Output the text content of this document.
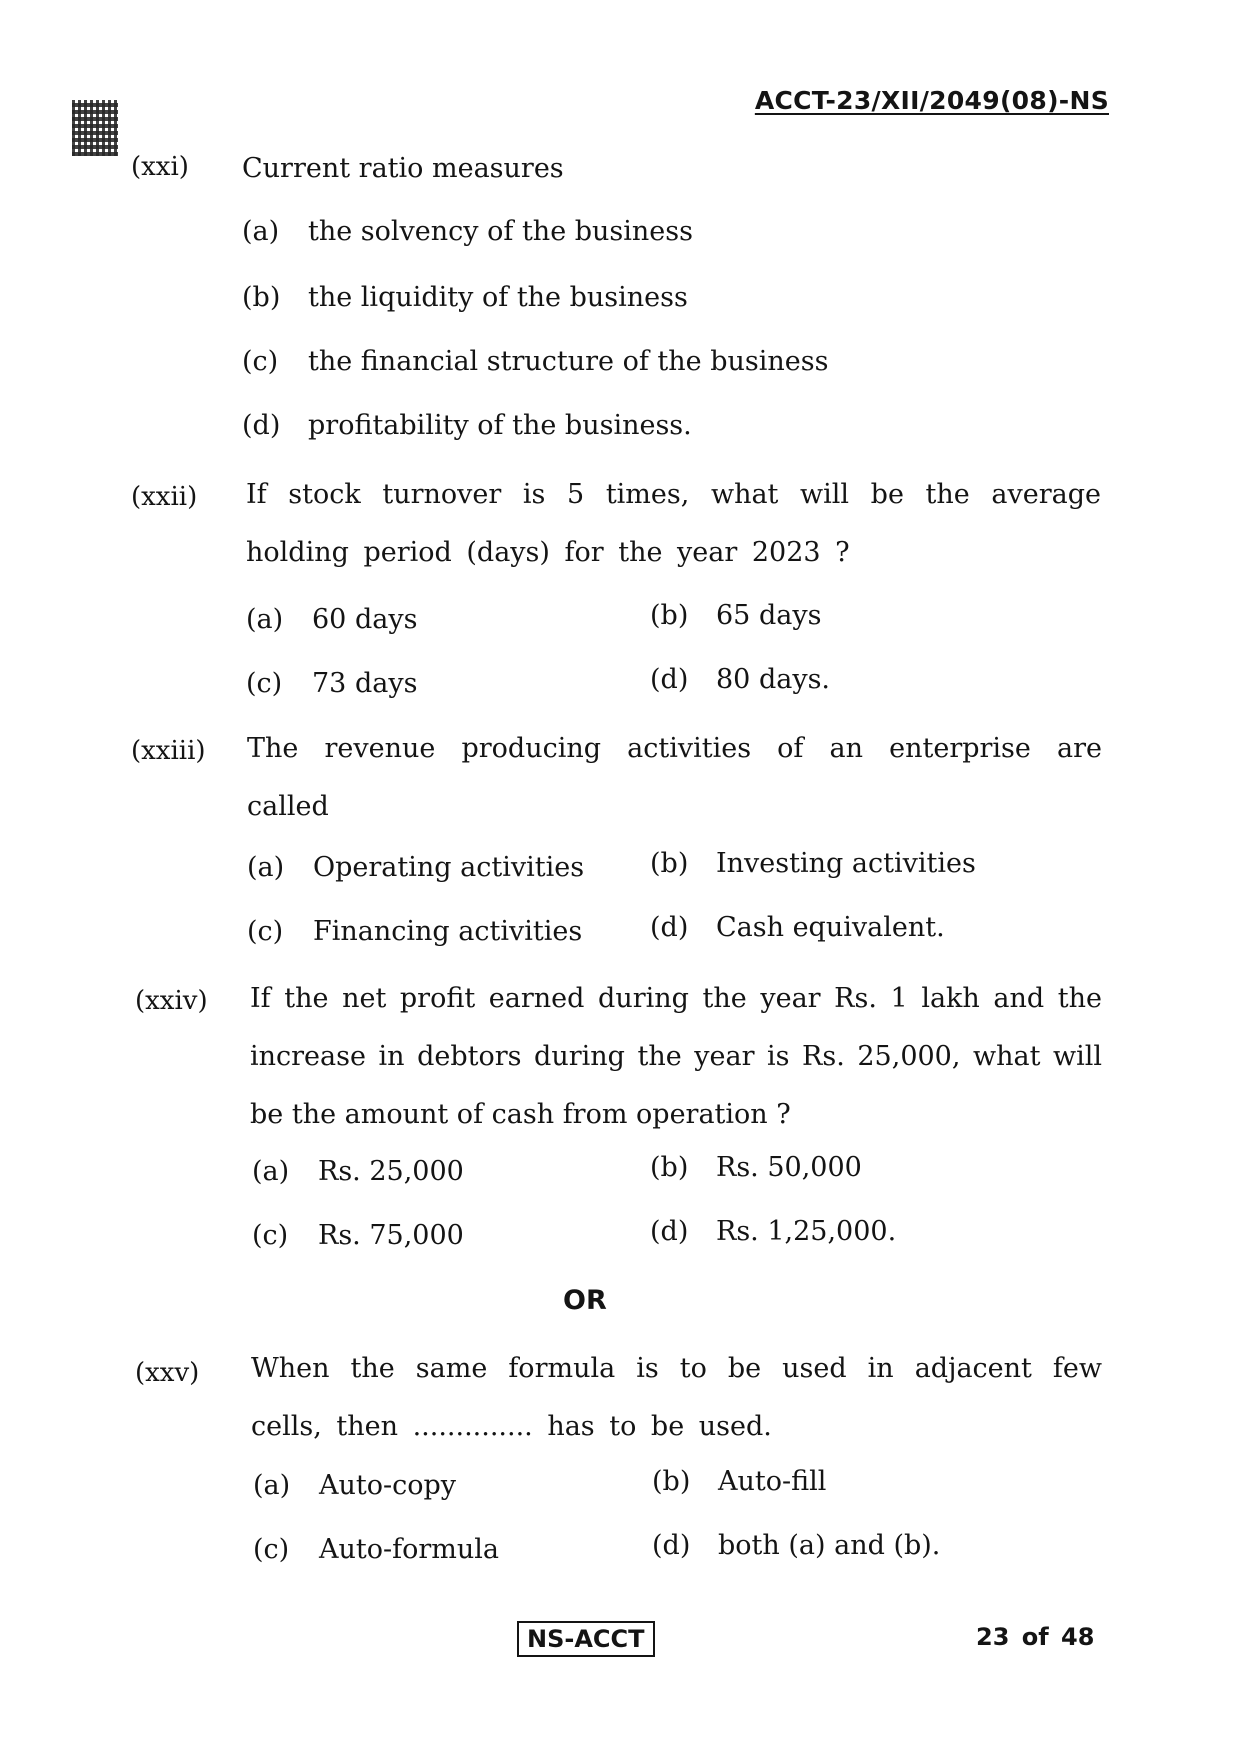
ACCT-23/XII/2049(08)-NS
(xxi) Current ratio measures
(a) the solvency of the business
(b) the liquidity of the business
(c) the financial structure of the business
(d) profitability of the business.
(xxii) If stock turnover is 5 times, what will be the average holding period (days) for the year 2023 ?
(a) 60 days	(b) 65 days
(c) 73 days	(d) 80 days.
(xxiii) The revenue producing activities of an enterprise are called
(a) Operating activities (b) Investing activities
(c) Financing activities	(d) Cash equivalent.
(xxiv) If the net profit earned during the year Rs. 1 lakh and the increase in debtors during the year is Rs. 25,000, what will be the amount of cash from operation ?
(a) Rs. 25,000	(b) Rs. 50,000
(c) Rs. 75,000	(d) Rs. 1,25,000.
OR
(xxv) When the same formula is to be used in adjacent few cells, then .............. has to be used.
(a) Auto-copy	(b) Auto-fill
(c) Auto-formula	(d) both (a) and (b).
NS-ACCT	23 of 48
